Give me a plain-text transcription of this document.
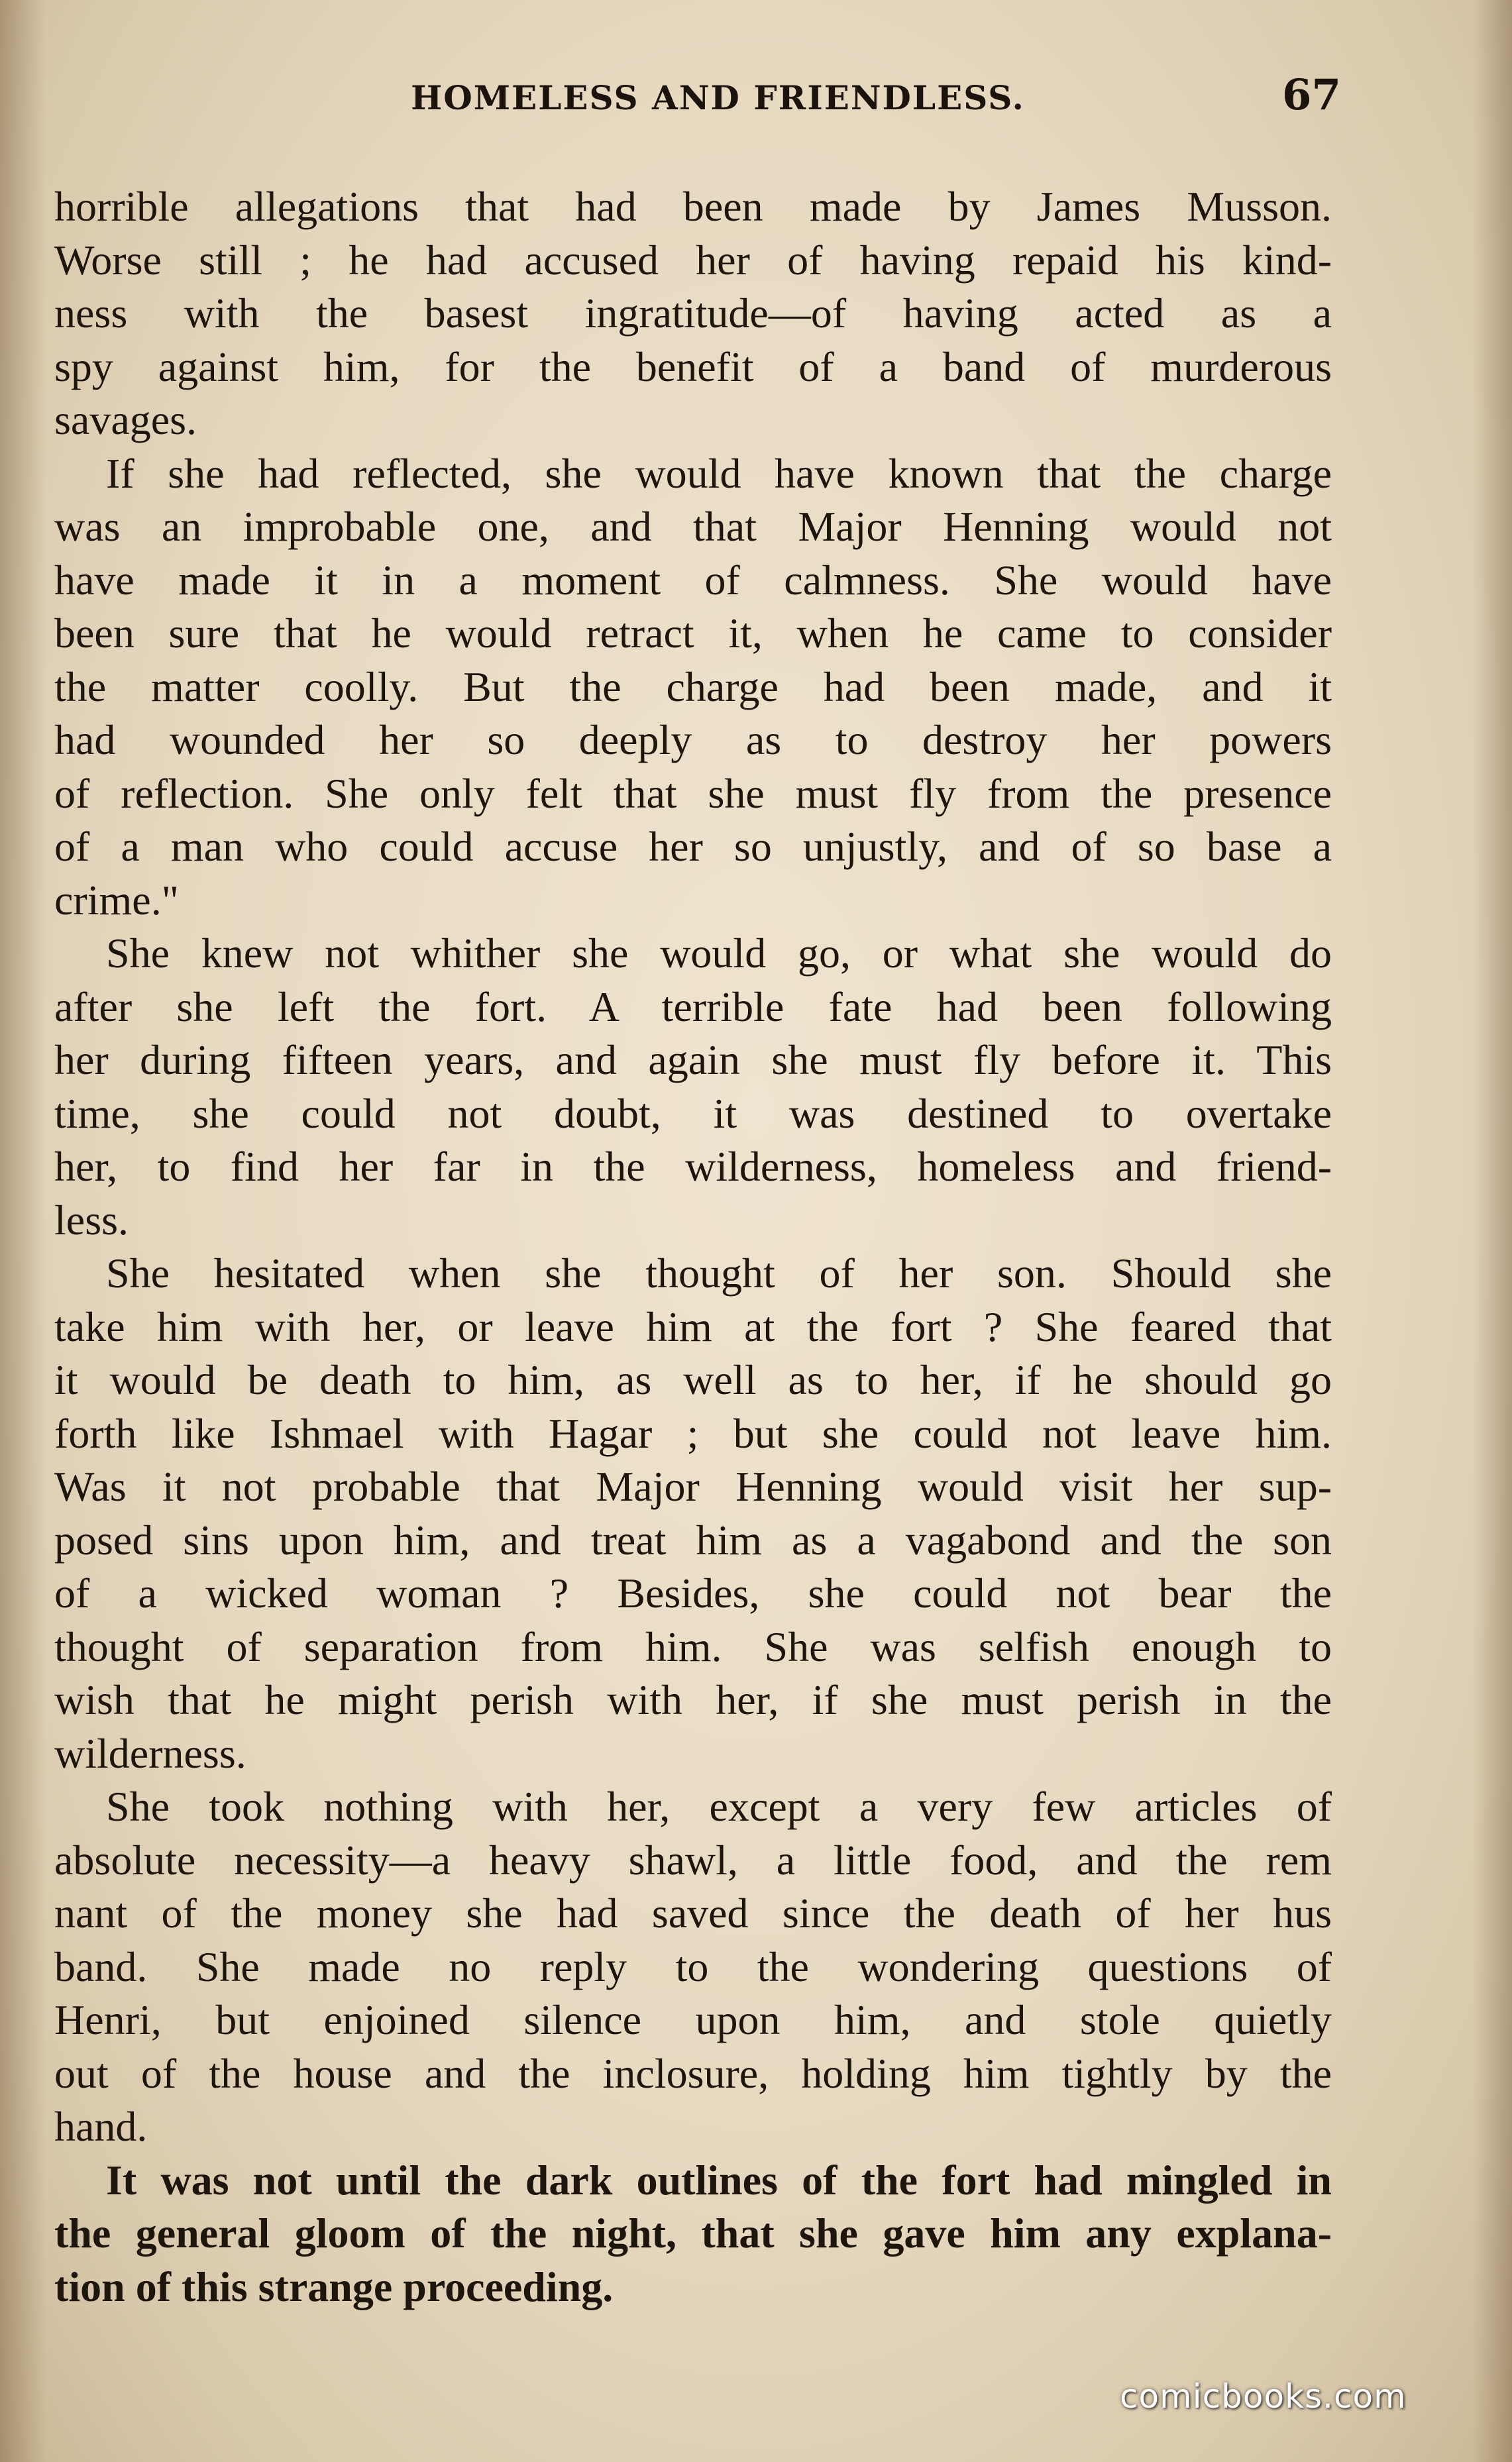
HOMELESS AND FRIENDLESS.	67

horrible allegations that had been made by James Musson.
Worse still ; he had accused her of having repaid his kind-
ness with the basest ingratitude—of having acted as a
spy against him, for the benefit of a band of murderous
savages.

If she had reflected, she would have known that the charge
was an improbable one, and that Major Henning would not
have made it in a moment of calmness. She would have
been sure that he would retract it, when he came to consider
the matter coolly. But the charge had been made, and it
had wounded her so deeply as to destroy her powers
of reflection. She only felt that she must fly from the presence
of a man who could accuse her so unjustly, and of so base a
crime."

She knew not whither she would go, or what she would do
after she left the fort. A terrible fate had been following
her during fifteen years, and again she must fly before it. This
time, she could not doubt, it was destined to overtake
her, to find her far in the wilderness, homeless and friend-
less.

She hesitated when she thought of her son. Should she
take him with her, or leave him at the fort ? She feared that
it would be death to him, as well as to her, if he should go
forth like Ishmael with Hagar ; but she could not leave him.
Was it not probable that Major Henning would visit her sup-
posed sins upon him, and treat him as a vagabond and the son
of a wicked woman ? Besides, she could not bear the
thought of separation from him. She was selfish enough to
wish that he might perish with her, if she must perish in the
wilderness.

She took nothing with her, except a very few articles of
absolute necessity—a heavy shawl, a little food, and the rem
nant of the money she had saved since the death of her hus
band. She made no reply to the wondering questions of
Henri, but enjoined silence upon him, and stole quietly
out of the house and the inclosure, holding him tightly by the
hand.

It was not until the dark outlines of the fort had mingled in
the general gloom of the night, that she gave him any explana-
tion of this strange proceeding.

comicbooks.com
